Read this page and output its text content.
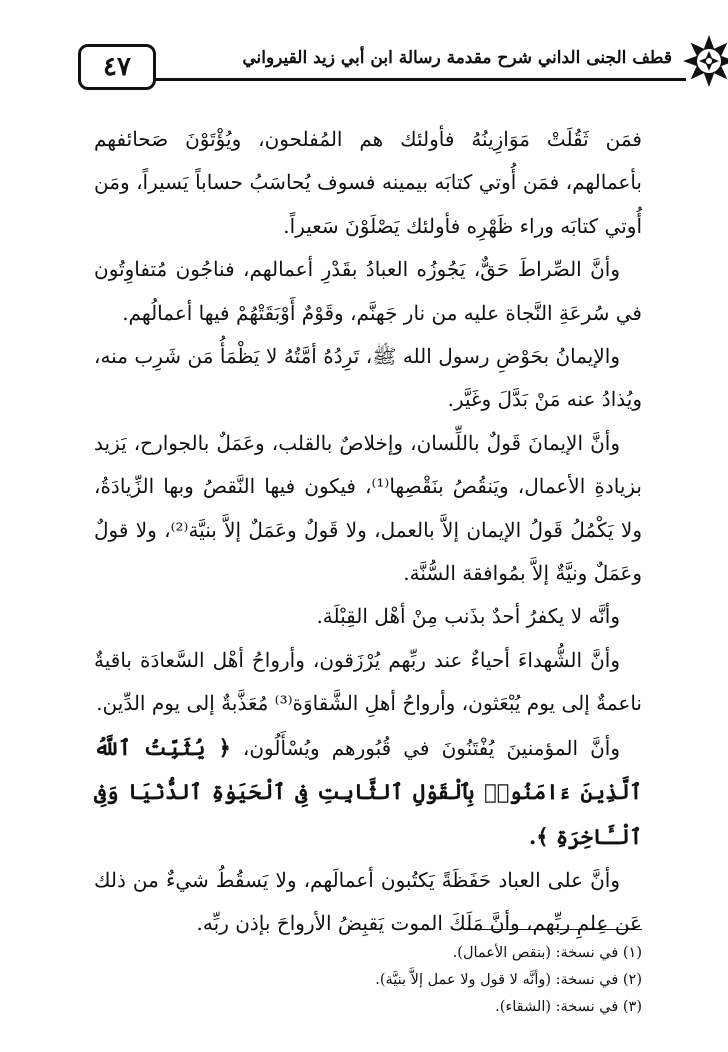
قطف الجنى الداني شرح مقدمة رسالة ابن أبي زيد القيرواني
٤٧

فمَن ثَقُلَتْ مَوَازِينُهُ فأولئك هم المُفلحون، ويُؤْتَوْنَ صَحائفهم بأعمالهم، فمَن أُوتي كتابَه بيمينه فسوف يُحاسَبُ حساباً يَسيراً، ومَن أُوتي كتابَه وراء ظَهْرِه فأولئك يَصْلَوْنَ سَعيراً.

وأنَّ الصِّراطَ حَقٌّ، يَجُوزُه العبادُ بقَدْرِ أعمالهم، فناجُون مُتفاوِتُون في سُرعَةِ النَّجاة عليه من نار جَهنَّم، وقَوْمٌ أَوْبَقَتْهُمْ فيها أعمالُهم.

والإيمانُ بحَوْضِ رسول الله ﷺ، تَرِدُهُ أمَّتُهُ لا يَظْمَأُ مَن شَرِب منه، ويُذادُ عنه مَنْ بَدَّلَ وغَيَّر.

وأنَّ الإيمانَ قَولٌ باللِّسان، وإخلاصٌ بالقلب، وعَمَلٌ بالجوارح، يَزيد بزيادةِ الأعمال، ويَنقُصُ بنَقْصِها⁽¹⁾، فيكون فيها النَّقصُ وبها الزِّيادَةُ، ولا يَكْمُلُ قَولُ الإيمان إلاَّ بالعمل، ولا قَولٌ وعَمَلٌ إلاَّ بنيَّة⁽²⁾، ولا قولٌ وعَمَلٌ ونيَّةٌ إلاَّ بمُوافقة السُّنَّة.

وأنَّه لا يكفرُ أحدٌ بذَنب مِنْ أهْل القِبْلَة.

وأنَّ الشُّهداءَ أحياءٌ عند ربِّهم يُرْزَقون، وأرواحُ أهْل السَّعادَة باقيةٌ ناعمةٌ إلى يوم يُبْعَثون، وأرواحُ أهلِ الشَّقاوَة⁽³⁾ مُعَذَّبةٌ إلى يوم الدِّين.

وأنَّ المؤمنينَ يُفْتَنُونَ في قُبُورهم ويُسْأَلُون، ﴿ يُثَبِّتُ ٱللَّهُ ٱلَّذِينَ ءَامَنُوا۟ بِٱلْقَوْلِ ٱلثَّابِتِ فِى ٱلْحَيَوٰةِ ٱلدُّنْيَا وَفِى ٱلْـَٔاخِرَةِ ﴾.

وأنَّ على العباد حَفَظَةً يَكتُبون أعمالَهم، ولا يَسقُطُ شيءٌ من ذلك عَن عِلمِ ربِّهم، وأنَّ مَلَكَ الموت يَقبِضُ الأرواحَ بإذن ربِّه.

(١) في نسخة: (بنقص الأعمال).

(٢) في نسخة: (وأنَّه لا قول ولا عمل إلاَّ بنيَّة).

(٣) في نسخة: (الشقاء).
